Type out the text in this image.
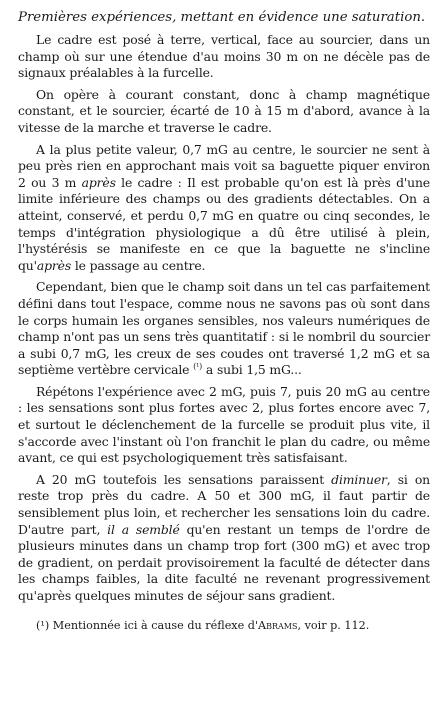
Premières expériences, mettant en évidence une saturation.

Le cadre est posé à terre, vertical, face au sourcier, dans un champ où sur une étendue d'au moins 30 m on ne décèle pas de signaux préalables à la furcelle.

On opère à courant constant, donc à champ magnétique constant, et le sourcier, écarté de 10 à 15 m d'abord, avance à la vitesse de la marche et traverse le cadre.

A la plus petite valeur, 0,7 mG au centre, le sourcier ne sent à peu près rien en approchant mais voit sa baguette piquer environ 2 ou 3 m après le cadre : Il est probable qu'on est là près d'une limite inférieure des champs ou des gradients détectables. On a atteint, conservé, et perdu 0,7 mG en quatre ou cinq secondes, le temps d'intégration physiologique a dû être utilisé à plein, l'hystérésis se manifeste en ce que la baguette ne s'incline qu'après le passage au centre.

Cependant, bien que le champ soit dans un tel cas parfaitement défini dans tout l'espace, comme nous ne savons pas où sont dans le corps humain les organes sensibles, nos valeurs numériques de champ n'ont pas un sens très quantitatif : si le nombril du sourcier a subi 0,7 mG, les creux de ses coudes ont traversé 1,2 mG et sa septième vertèbre cervicale $^{(^1)}$ a subi 1,5 mG...

Répétons l'expérience avec 2 mG, puis 7, puis 20 mG au centre : les sensations sont plus fortes avec 2, plus fortes encore avec 7, et surtout le déclenchement de la furcelle se produit plus vite, il s'accorde avec l'instant où l'on franchit le plan du cadre, ou même avant, ce qui est psychologiquement très satisfaisant.

A 20 mG toutefois les sensations paraissent diminuer, si on reste trop près du cadre. A 50 et 300 mG, il faut partir de sensiblement plus loin, et rechercher les sensations loin du cadre. D'autre part, il a semblé qu'en restant un temps de l'ordre de plusieurs minutes dans un champ trop fort (300 mG) et avec trop de gradient, on perdait provisoirement la faculté de détecter dans les champs faibles, la dite faculté ne revenant progressivement qu'après quelques minutes de séjour sans gradient.

(¹) Mentionnée ici à cause du réflexe d'Abrams, voir p. 112.
